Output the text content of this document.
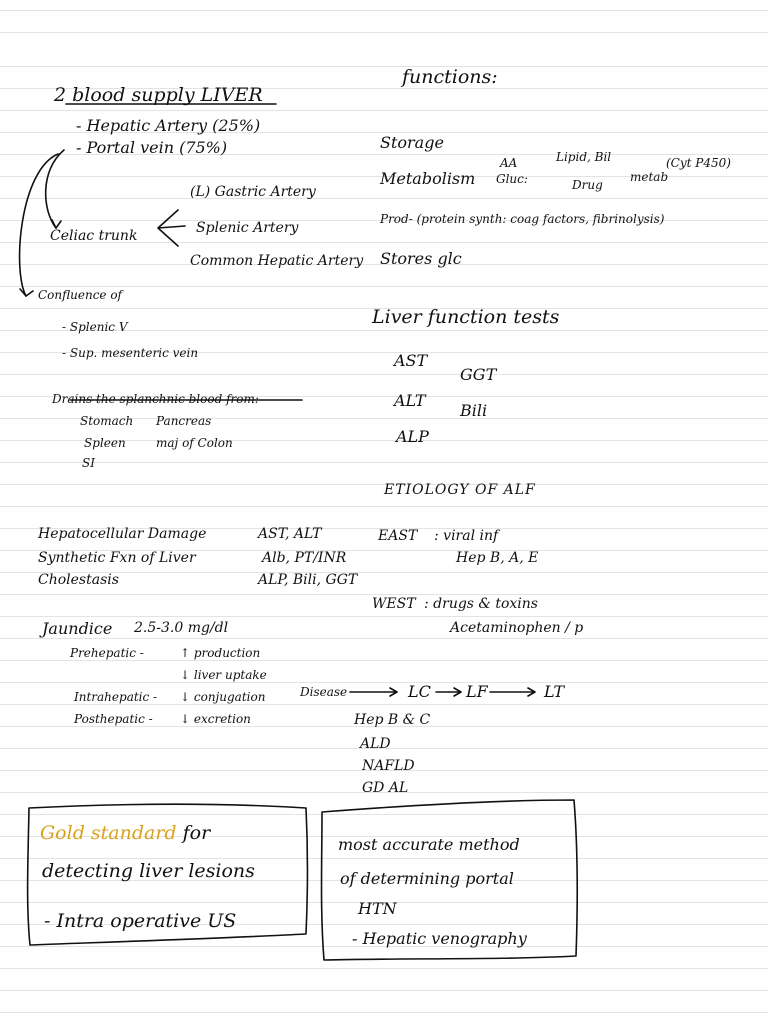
2 blood supply LIVER
- Hepatic Artery (25%)
- Portal vein (75%)
Celiac trunk
(L) Gastric Artery
Splenic Artery
Common Hepatic Artery
Confluence of
- Splenic V
- Sup. mesenteric vein
Drains the splanchnic blood from:
Stomach Pancreas
Spleen	maj of Colon
SI
functions:
Storage
Metabolism
AA
Gluc:
Lipid, Bil
Drug
metab
(Cyt P450)
Prod- (protein synth: coag factors, fibrinolysis)
Stores glc
Liver function tests
AST
ALT
ALP
GGT
Bili
ETIOLOGY OF ALF
EAST : viral inf
Hep B, A, E
WEST : drugs & toxins
Acetaminophen / p
Disease	LC LF	LT
Hep B & C
ALD
NAFLD
GD AL
Hepatocellular Damage	AST, ALT
Synthetic Fxn of Liver	Alb, PT/INR
Cholestasis	ALP, Bili, GGT
Jaundice 2.5-3.0 mg/dl
Prehepatic -	↑ production
↓ liver uptake
Intrahepatic - ↓ conjugation
Posthepatic - ↓ excretion
Gold standard for
detecting liver lesions
- Intra operative US
most accurate method
of determining portal
HTN
- Hepatic venography
